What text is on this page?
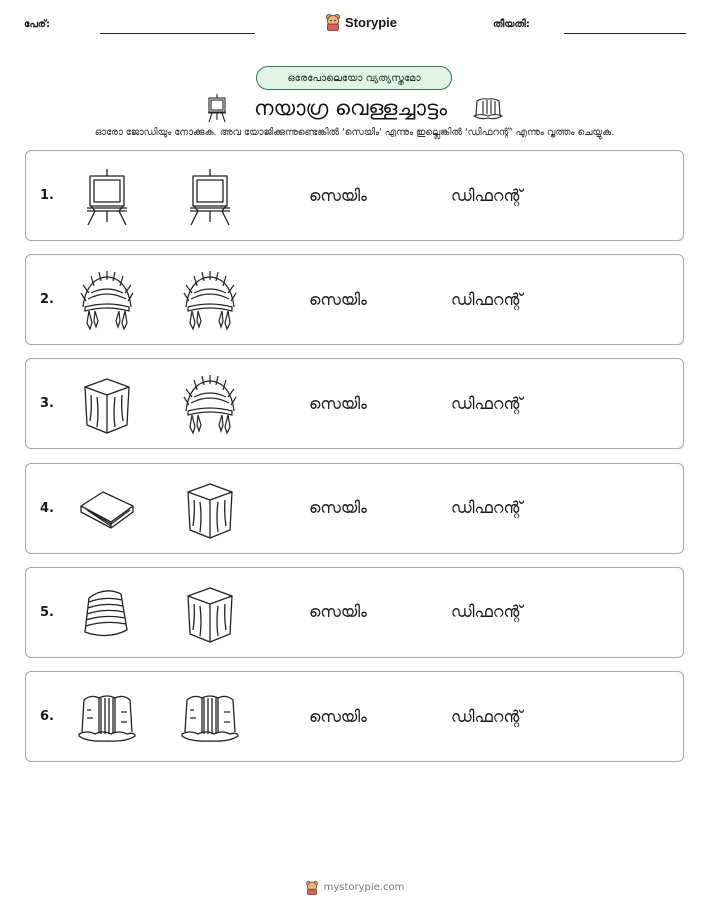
പേര്:	Storypie	തീയതി:
ഒരേപോലെയോ വ്യത്യസ്തമോ
നയാഗ്ര വെള്ളച്ചാട്ടം
ഓരോ ജോഡിയും നോക്കുക. അവ യോജിക്കുന്നുണ്ടെങ്കിൽ 'സെയിം' എന്നും ഇല്ലെങ്കിൽ 'ഡിഫറന്റ്' എന്നും വൃത്തം ചെയ്യുക.
1.	സെയിം	ഡിഫറന്റ്
2.	സെയിം	ഡിഫറന്റ്
3.	സെയിം	ഡിഫറന്റ്
4.	സെയിം	ഡിഫറന്റ്
5.	സെയിം	ഡിഫറന്റ്
6.	സെയിം	ഡിഫറന്റ്
mystorypie.com
